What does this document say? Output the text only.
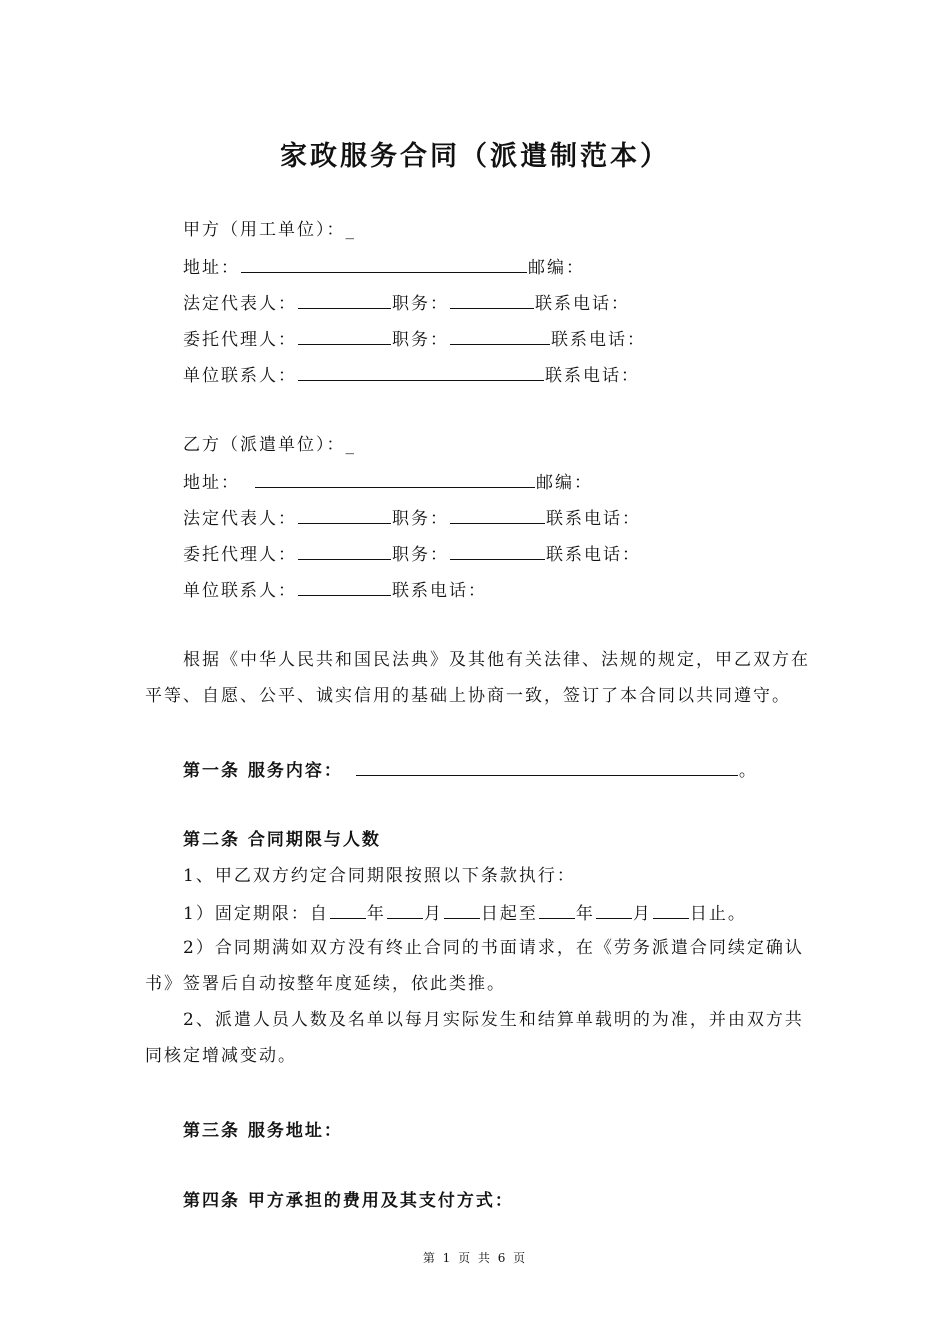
家政服务合同（派遣制范本）
甲方（用工单位）：_
地址：	邮编：
法定代表人：	职务：	联系电话：
委托代理人：	职务：	联系电话：
单位联系人：	联系电话：
乙方（派遣单位）：_
地址：	邮编：
法定代表人：	职务：	联系电话：
委托代理人：	职务：	联系电话：
单位联系人：	联系电话：
根据《中华人民共和国民法典》及其他有关法律、法规的规定，甲乙双方在平等、自愿、公平、诚实信用的基础上协商一致，签订了本合同以共同遵守。
第一条 服务内容：	。
第二条 合同期限与人数
1、甲乙双方约定合同期限按照以下条款执行：
1）固定期限：自 年 月 日起至 年 月 日止。
2）合同期满如双方没有终止合同的书面请求，在《劳务派遣合同续定确认书》签署后自动按整年度延续，依此类推。
2、派遣人员人数及名单以每月实际发生和结算单载明的为准，并由双方共同核定增减变动。
第三条 服务地址：
第四条 甲方承担的费用及其支付方式：
第 1 页 共 6 页
